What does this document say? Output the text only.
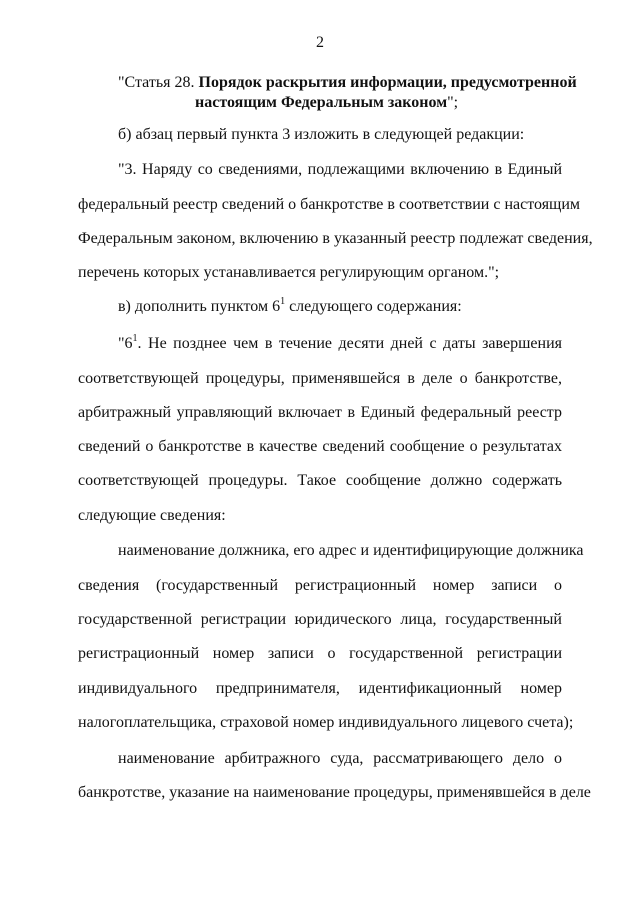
2
"Статья 28. Порядок раскрытия информации, предусмотренной
настоящим Федеральным законом";
б) абзац первый пункта 3 изложить в следующей редакции:
"3. Наряду со сведениями, подлежащими включению в Единый
федеральный реестр сведений о банкротстве в соответствии с настоящим
Федеральным законом, включению в указанный реестр подлежат сведения,
перечень которых устанавливается регулирующим органом.";
в) дополнить пунктом $6^1$ следующего содержания:
"$6^1$. Не позднее чем в течение десяти дней с даты завершения
соответствующей процедуры, применявшейся в деле о банкротстве,
арбитражный управляющий включает в Единый федеральный реестр
сведений о банкротстве в качестве сведений сообщение о результатах
соответствующей процедуры. Такое сообщение должно содержать
следующие сведения:
наименование должника, его адрес и идентифицирующие должника
сведения (государственный регистрационный номер записи о
государственной регистрации юридического лица, государственный
регистрационный номер записи о государственной регистрации
индивидуального предпринимателя, идентификационный номер
налогоплательщика, страховой номер индивидуального лицевого счета);
наименование арбитражного суда, рассматривающего дело о
банкротстве, указание на наименование процедуры, применявшейся в деле
